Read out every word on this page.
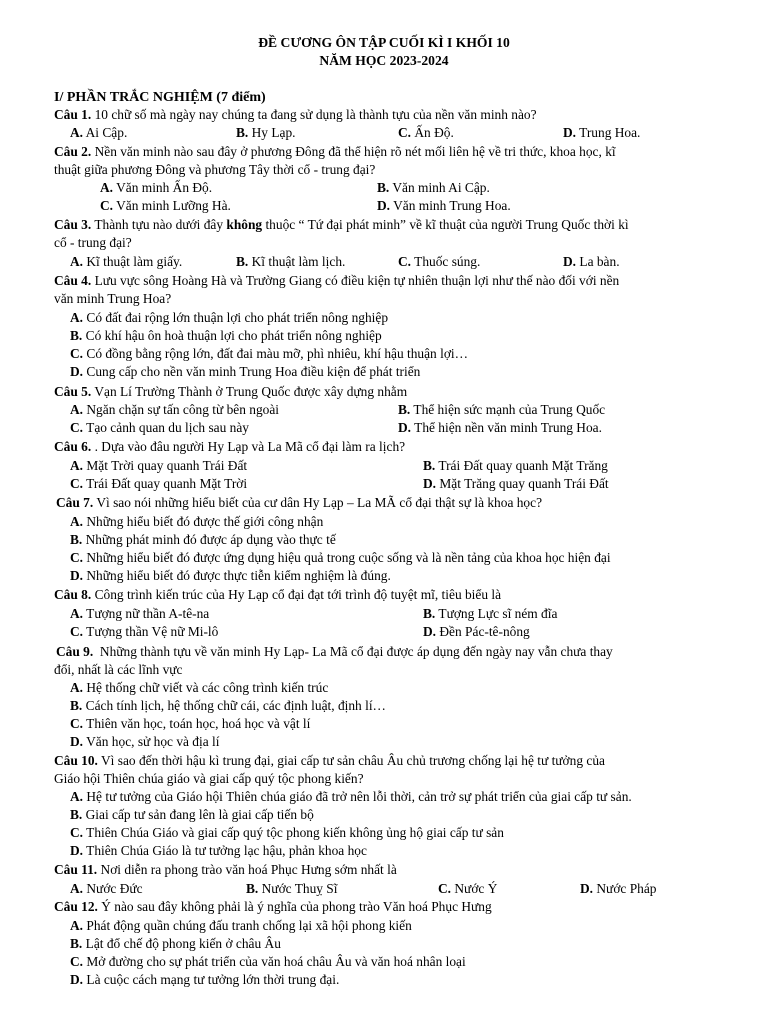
ĐỀ CƯƠNG ÔN TẬP CUỐI KÌ I KHỐI 10
NĂM HỌC 2023-2024
I/ PHẦN TRẮC NGHIỆM (7 điểm)
Câu 1. 10 chữ số mà ngày nay chúng ta đang sử dụng là thành tựu của nền văn minh nào?
A. Ai Cập.	B. Hy Lạp.	C. Ấn Độ.	D. Trung Hoa.
Câu 2. Nền văn minh nào sau đây ở phương Đông đã thể hiện rõ nét mối liên hệ về tri thức, khoa học, kĩ
thuật giữa phương Đông và phương Tây thời cổ - trung đại?
A. Văn minh Ấn Độ.	B. Văn minh Ai Cập.
C. Văn minh Lưỡng Hà.	D. Văn minh Trung Hoa.
Câu 3. Thành tựu nào dưới đây không thuộc “ Tứ đại phát minh” về kĩ thuật của người Trung Quốc thời kì
cổ - trung đại?
A. Kĩ thuật làm giấy.	B. Kĩ thuật làm lịch.	C. Thuốc súng.	D. La bàn.
Câu 4. Lưu vực sông Hoàng Hà và Trường Giang có điều kiện tự nhiên thuận lợi như thế nào đối với nền
văn minh Trung Hoa?
A. Có đất đai rộng lớn thuận lợi cho phát triển nông nghiệp
B. Có khí hậu ôn hoà thuận lợi cho phát triển nông nghiệp
C. Có đồng bằng rộng lớn, đất đai màu mỡ, phì nhiêu, khí hậu thuận lợi…
D. Cung cấp cho nền văn minh Trung Hoa điều kiện để phát triển
Câu 5. Vạn Lí Trường Thành ở Trung Quốc được xây dựng nhằm
A. Ngăn chặn sự tấn công từ bên ngoài	B. Thể hiện sức mạnh của Trung Quốc
C. Tạo cảnh quan du lịch sau này	D. Thể hiện nền văn minh Trung Hoa.
Câu 6. . Dựa vào đâu người Hy Lạp và La Mã cổ đại làm ra lịch?
A. Mặt Trời quay quanh Trái Đất	B. Trái Đất quay quanh Mặt Trăng
C. Trái Đất quay quanh Mặt Trời	D. Mặt Trăng quay quanh Trái Đất
Câu 7. Vì sao nói những hiểu biết của cư dân Hy Lạp – La MÃ cổ đại thật sự là khoa học?
A. Những hiểu biết đó được thế giới công nhận
B. Những phát minh đó được áp dụng vào thực tế
C. Những hiểu biết đó được ứng dụng hiệu quả trong cuộc sống và là nền tảng của khoa học hiện đại
D. Những hiểu biết đó được thực tiễn kiểm nghiệm là đúng.
Câu 8. Công trình kiến trúc của Hy Lạp cổ đại đạt tới trình độ tuyệt mĩ, tiêu biểu là
A. Tượng nữ thần A-tê-na	B. Tượng Lực sĩ ném đĩa
C. Tượng thần Vệ nữ Mi-lô	D. Đền Pác-tê-nông
Câu 9. Những thành tựu về văn minh Hy Lạp- La Mã cổ đại được áp dụng đến ngày nay vẫn chưa thay
đổi, nhất là các lĩnh vực
A. Hệ thống chữ viết và các công trình kiến trúc
B. Cách tính lịch, hệ thống chữ cái, các định luật, định lí…
C. Thiên văn học, toán học, hoá học và vật lí
D. Văn học, sử học và địa lí
Câu 10. Vì sao đến thời hậu kì trung đại, giai cấp tư sản châu Âu chủ trương chống lại hệ tư tưởng của
Giáo hội Thiên chúa giáo và giai cấp quý tộc phong kiến?
A. Hệ tư tưởng của Giáo hội Thiên chúa giáo đã trở nên lỗi thời, cản trở sự phát triển của giai cấp tư sản.
B. Giai cấp tư sản đang lên là giai cấp tiến bộ
C. Thiên Chúa Giáo và giai cấp quý tộc phong kiến không ủng hộ giai cấp tư sản
D. Thiên Chúa Giáo là tư tưởng lạc hậu, phản khoa học
Câu 11. Nơi diễn ra phong trào văn hoá Phục Hưng sớm nhất là
A. Nước Đức	B. Nước Thuỵ Sĩ	C. Nước Ý	D. Nước Pháp
Câu 12. Ý nào sau đây không phải là ý nghĩa của phong trào Văn hoá Phục Hưng
A. Phát động quần chúng đấu tranh chống lại xã hội phong kiến
B. Lật đổ chế độ phong kiến ở châu Âu
C. Mở đường cho sự phát triển của văn hoá châu Âu và văn hoá nhân loại
D. Là cuộc cách mạng tư tưởng lớn thời trung đại.
